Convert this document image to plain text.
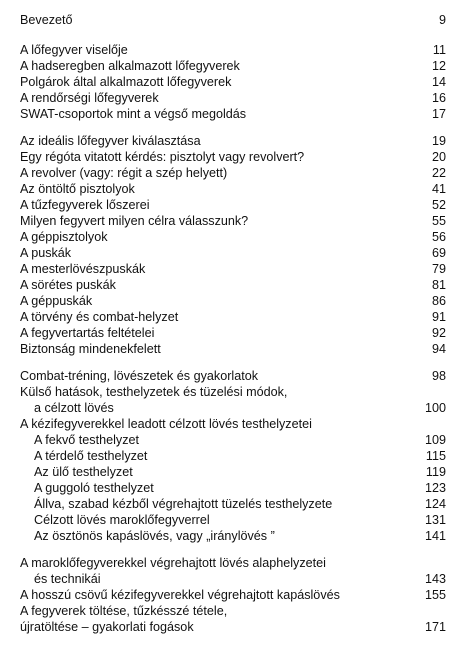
Bevezető	9
A lőfegyver viselője	11
A hadseregben alkalmazott lőfegyverek	12
Polgárok által alkalmazott lőfegyverek	14
A rendőrségi lőfegyverek	16
SWAT-csoportok mint a végső megoldás	17
Az ideális lőfegyver kiválasztása	19
Egy régóta vitatott kérdés: pisztolyt vagy revolvert?	20
A revolver (vagy: régit a szép helyett)	22
Az öntöltő pisztolyok	41
A tűzfegyverek lőszerei	52
Milyen fegyvert milyen célra válasszunk?	55
A géppisztolyok	56
A puskák	69
A mesterlövészpuskák	79
A sörétes puskák	81
A géppuskák	86
A törvény és combat-helyzet	91
A fegyvertartás feltételei	92
Biztonság mindenekfelett	94
Combat-tréning, lövészetek és gyakorlatok	98
Külső hatások, testhelyzetek és tüzelési módok,
a célzott lövés	100
A kézifegyverekkel leadott célzott lövés testhelyzetei
A fekvő testhelyzet	109
A térdelő testhelyzet	115
Az ülő testhelyzet	119
A guggoló testhelyzet	123
Állva, szabad kézből végrehajtott tüzelés testhelyzete	124
Célzott lövés maroklőfegyverrel	131
Az ösztönös kapáslövés, vagy „iránylövés ”	141
A maroklőfegyverekkel végrehajtott lövés alaphelyzetei
és technikái	143
A hosszú csövű kézifegyverekkel végrehajtott kapáslövés	155
A fegyverek töltése, tűzkésszé tétele,
újratöltése – gyakorlati fogások	171
